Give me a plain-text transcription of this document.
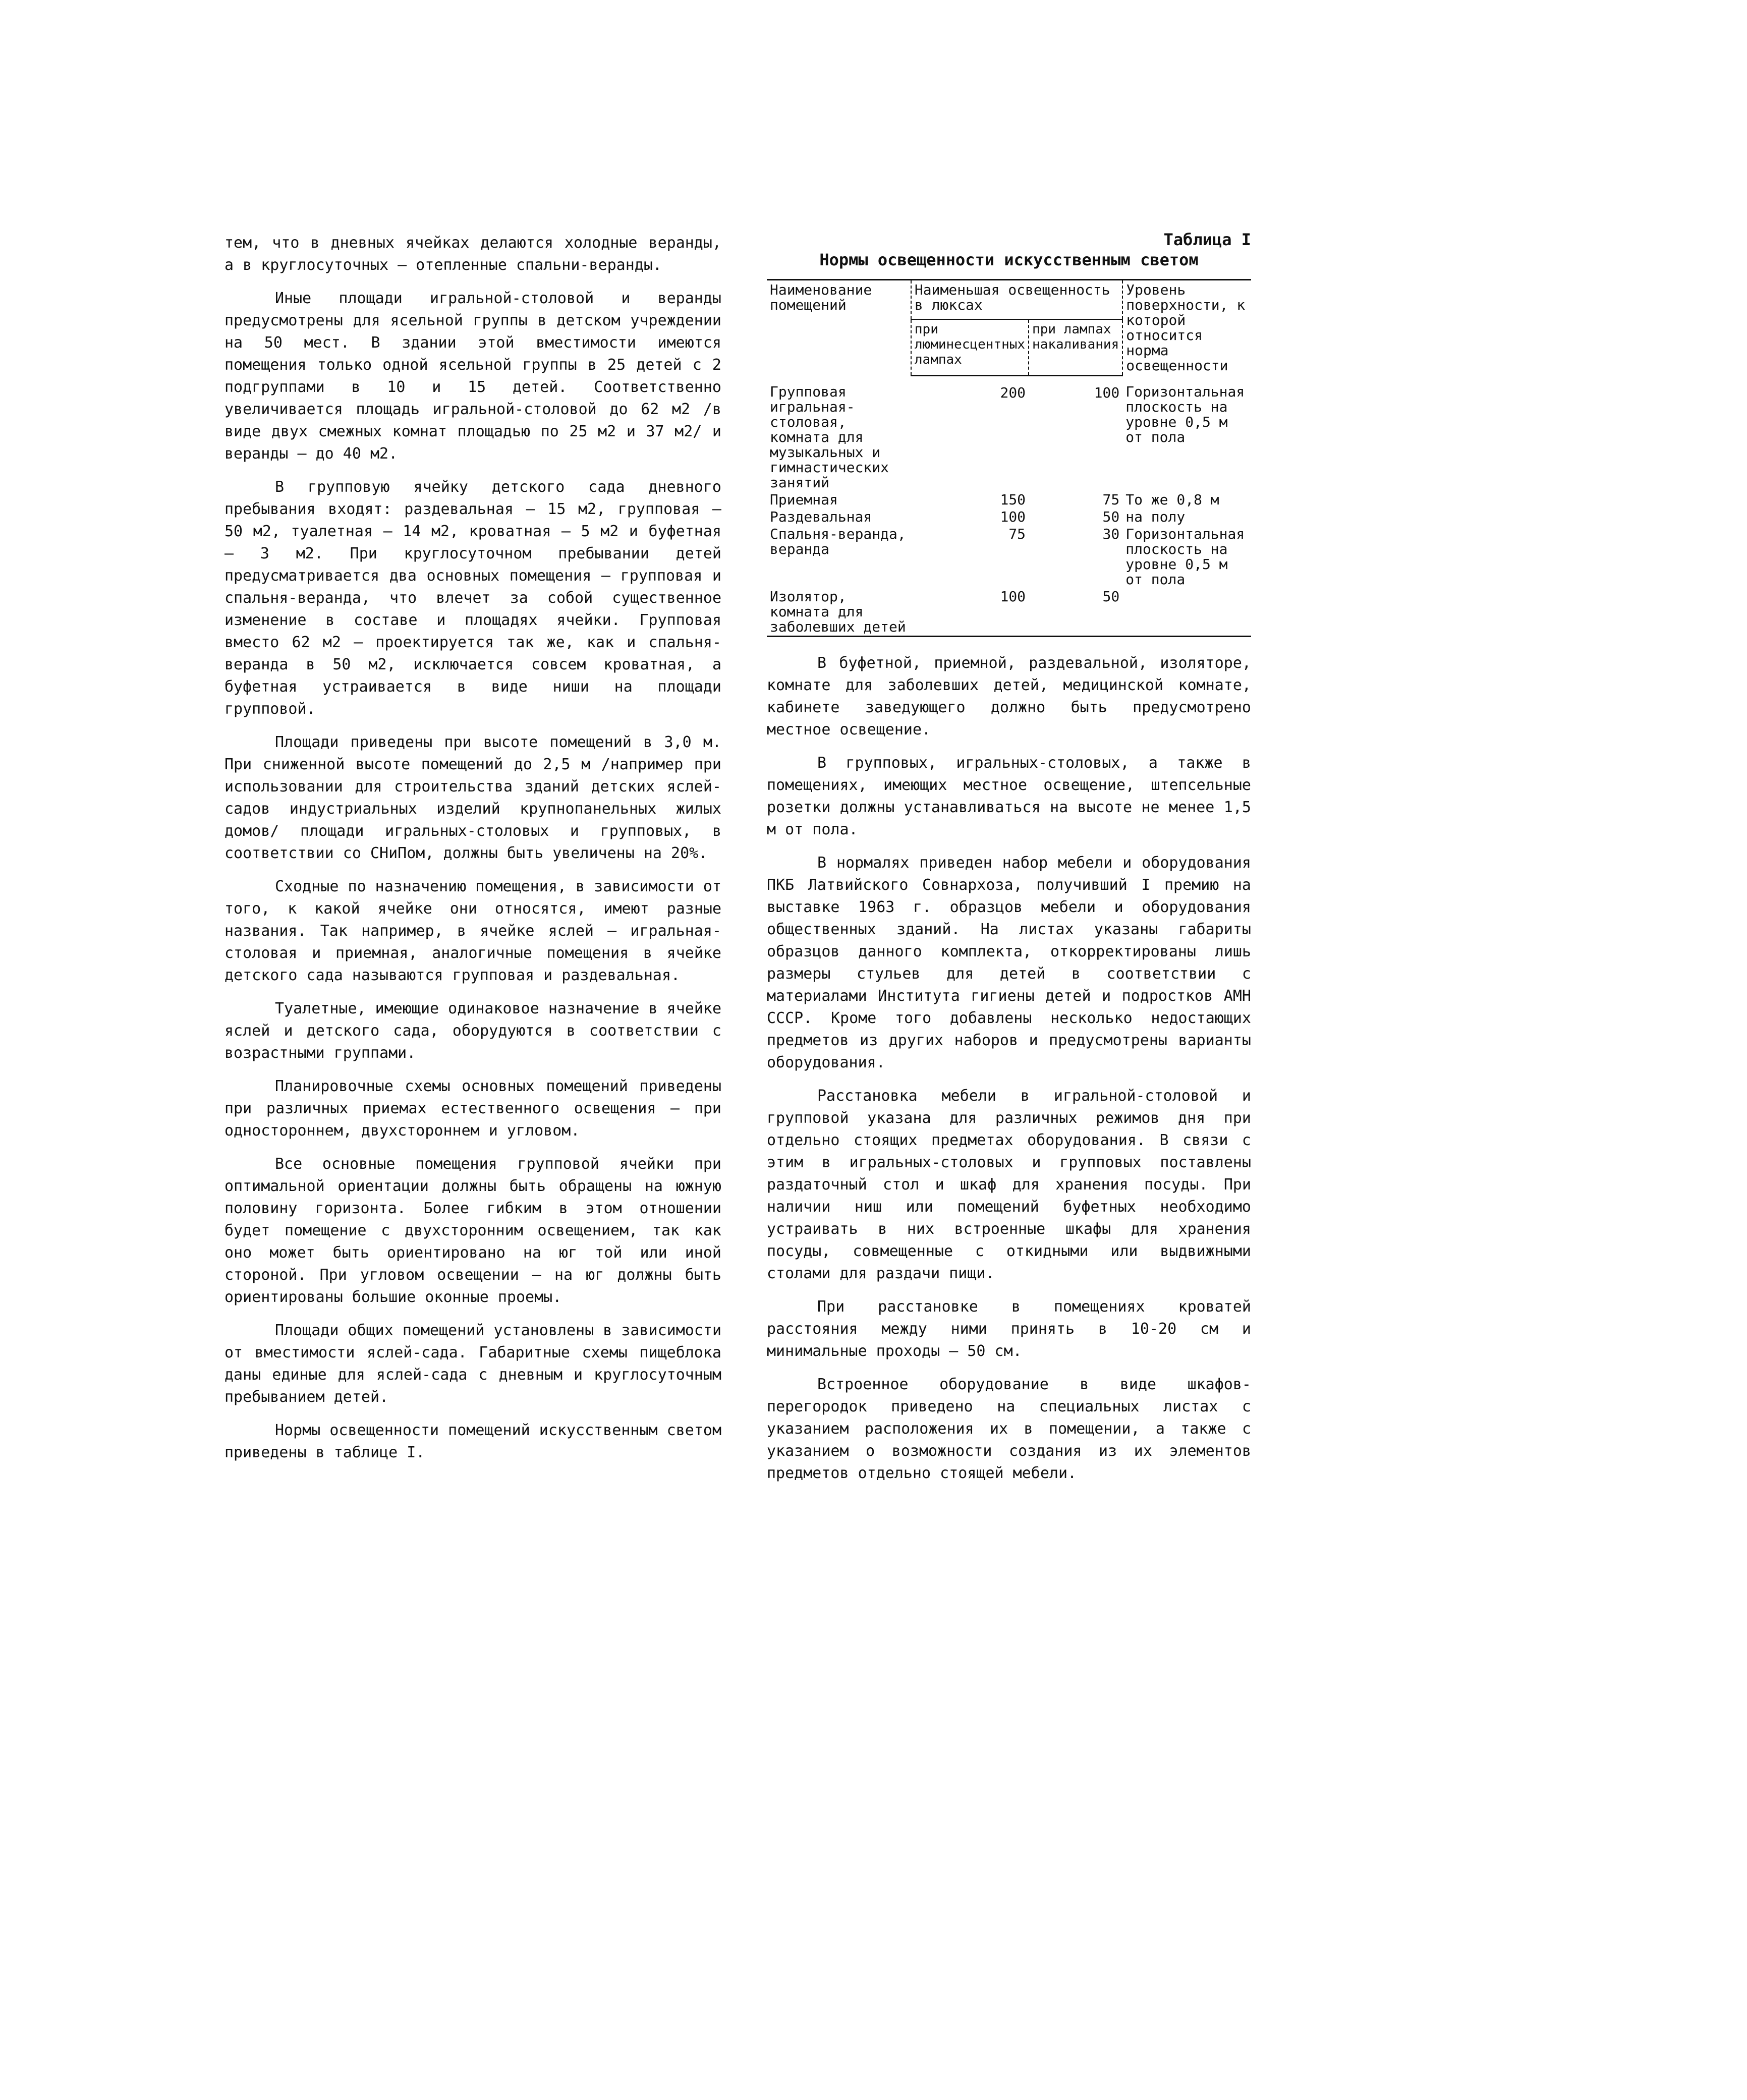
тем, что в дневных ячейках делаются холодные веранды, а в круглосуточных – отепленные спальни-веранды.

Иные площади игральной-столовой и веранды предусмотрены для ясельной группы в детском учреждении на 50 мест. В здании этой вместимости имеются помещения только одной ясельной группы в 25 детей с 2 подгруппами в 10 и 15 детей. Соответственно увеличивается площадь игральной-столовой до 62 м2 /в виде двух смежных комнат площадью по 25 м2 и 37 м2/ и веранды – до 40 м2.

В групповую ячейку детского сада дневного пребывания входят: раздевальная – 15 м2, групповая – 50 м2, туалетная – 14 м2, кроватная – 5 м2 и буфетная – 3 м2. При круглосуточном пребывании детей предусматривается два основных помещения – групповая и спальня-веранда, что влечет за собой существенное изменение в составе и площадях ячейки. Групповая вместо 62 м2 – проектируется так же, как и спальня-веранда в 50 м2, исключается совсем кроватная, а буфетная устраивается в виде ниши на площади групповой.

Площади приведены при высоте помещений в 3,0 м. При сниженной высоте помещений до 2,5 м /например при использовании для строительства зданий детских яслей-садов индустриальных изделий крупнопанельных жилых домов/ площади игральных-столовых и групповых, в соответствии со СНиПом, должны быть увеличены на 20%.

Сходные по назначению помещения, в зависимости от того, к какой ячейке они относятся, имеют разные названия. Так например, в ячейке яслей – игральная-столовая и приемная, аналогичные помещения в ячейке детского сада называются групповая и раздевальная.

Туалетные, имеющие одинаковое назначение в ячейке яслей и детского сада, оборудуются в соответствии с возрастными группами.

Планировочные схемы основных помещений приведены при различных приемах естественного освещения – при одностороннем, двухстороннем и угловом.

Все основные помещения групповой ячейки при оптимальной ориентации должны быть обращены на южную половину горизонта. Более гибким в этом отношении будет помещение с двухсторонним освещением, так как оно может быть ориентировано на юг той или иной стороной. При угловом освещении – на юг должны быть ориентированы большие оконные проемы.

Площади общих помещений установлены в зависимости от вместимости яслей-сада. Габаритные схемы пищеблока даны единые для яслей-сада с дневным и круглосуточным пребыванием детей.

Нормы освещенности помещений искусственным светом приведены в таблице I.

Таблица I
Нормы освещенности искусственным светом
Наименование помещений	Наименьшая освещенность в люксах		Уровень поверхности, к которой относится норма освещенности
	при люминесцентных лампах	при лампах накаливания	
Групповая игральная-столовая, комната для музыкальных и гимнастических занятий	200	100	Горизонтальная плоскость на уровне 0,5 м от пола
Приемная	150	75	То же 0,8 м
Раздевальная	100	50	на полу
Спальня-веранда, веранда	75	30	Горизонтальная плоскость на уровне 0,5 м от пола
Изолятор, комната для заболевших детей	100	50	

В буфетной, приемной, раздевальной, изоляторе, комнате для заболевших детей, медицинской комнате, кабинете заведующего должно быть предусмотрено местное освещение.

В групповых, игральных-столовых, а также в помещениях, имеющих местное освещение, штепсельные розетки должны устанавливаться на высоте не менее 1,5 м от пола.

В нормалях приведен набор мебели и оборудования ПКБ Латвийского Совнархоза, получивший I премию на выставке 1963 г. образцов мебели и оборудования общественных зданий. На листах указаны габариты образцов данного комплекта, откорректированы лишь размеры стульев для детей в соответствии с материалами Института гигиены детей и подростков АМН СССР. Кроме того добавлены несколько недостающих предметов из других наборов и предусмотрены варианты оборудования.

Расстановка мебели в игральной-столовой и групповой указана для различных режимов дня при отдельно стоящих предметах оборудования. В связи с этим в игральных-столовых и групповых поставлены раздаточный стол и шкаф для хранения посуды. При наличии ниш или помещений буфетных необходимо устраивать в них встроенные шкафы для хранения посуды, совмещенные с откидными или выдвижными столами для раздачи пищи.

При расстановке в помещениях кроватей расстояния между ними принять в 10-20 см и минимальные проходы – 50 см.

Встроенное оборудование в виде шкафов-перегородок приведено на специальных листах с указанием расположения их в помещении, а также с указанием о возможности создания из их элементов предметов отдельно стоящей мебели.
